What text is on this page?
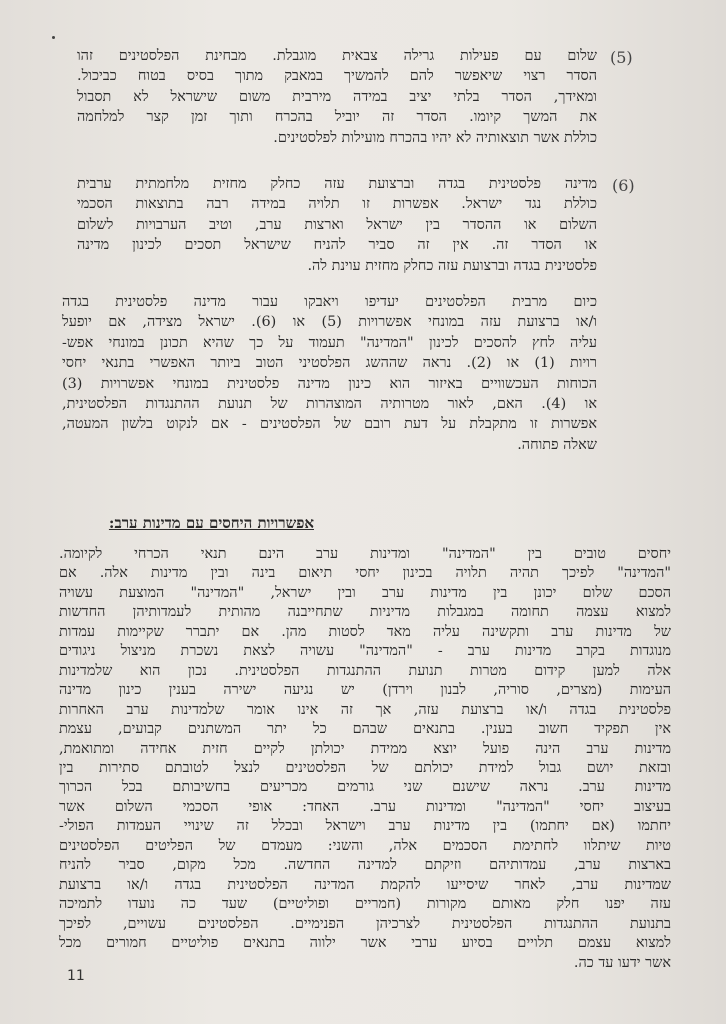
(5)
שלום עם פעילות גרילה צבאית מוגבלת. מבחינת הפלסטינים זהו
הסדר רצוי שיאפשר להם להמשיך במאבק מתוך בסיס בטוח כביכול.
ומאידך, הסדר בלתי יציב במידה מירבית משום שישראל לא תסבול
את המשך קיומו. הסדר זה יוביל בהכרח ותוך זמן קצר למלחמה
כוללת אשר תוצאותיה לא יהיו בהכרח מועילות לפלסטינים.
(6)
מדינה פלסטינית בגדה וברצועת עזה כחלק מחזית מלחמתית ערבית
כוללת נגד ישראל. אפשרות זו תלויה במידה רבה בתוצאות הסכמי
השלום או ההסדר בין ישראל וארצות ערב, וטיב הערבויות לשלום
או הסדר זה. אין זה סביר להניח שישראל תסכים לכינון מדינה
פלסטינית בגדה וברצועת עזה כחלק מחזית עוינת לה.
כיום מרבית הפלסטינים יעדיפו ויאבקו עבור מדינה פלסטינית בגדה
ו/או ברצועת עזה במונחי אפשרויות (5) או (6). ישראל מצידה, אם יופעל
עליה לחץ להסכים לכינון "המדינה" תעמוד על כך שהיא תכונן במונחי אפש-
רויות (1) או (2). נראה שההשג הפלסטיני הטוב ביותר האפשרי בתנאי יחסי
הכוחות העכשוויים באיזור הוא כינון מדינה פלסטינית במונחי אפשרויות (3)
או (4). האם, לאור מטרותיה המוצהרות של תנועת ההתנגדות הפלסטינית,
אפשרות זו מתקבלת על דעת רובם של הפלסטינים - אם לנקוט בלשון המעטה,
שאלה פתוחה.
אפשרויות היחסים עם מדינות ערב:
יחסים טובים בין "המדינה" ומדינות ערב הינם תנאי הכרחי לקיומה.
"המדינה" לפיכך תהיה תלויה בכינון יחסי תיאום בינה ובין מדינות אלה. אם
הסכם שלום יכונן בין מדינות ערב ובין ישראל, "המדינה" המוצעת עשויה
למצוא עצמה תחומה במגבלות מדיניות שתחייבנה מהותית לעמדותיהן החדשות
של מדינות ערב ותקשינה עליה מאד לסטות מהן. אם יתברר שקיימות עמדות
מנוגדות בקרב מדינות ערב - "המדינה" עשויה לצאת נשכרת מניצול ניגודים
אלה למען קידום מטרות תנועת ההתנגדות הפלסטינית. נכון הוא שלמדינות
העימות (מצרים, סוריה, לבנון וירדן) יש נגיעה ישירה בענין כינון מדינה
פלסטינית בגדה ו/או ברצועת עזה, אך זה אינו אומר שלמדינות ערב האחרות
אין תפקיד חשוב בענין. בתנאים שבהם כל יתר המשתנים קבועים, עצמת
מדינות ערב הינה פועל יוצא ממידת יכולתן לקיים חזית אחידה ומתואמת,
ובזאת יושם גבול למידת יכולתם של הפלסטינים לנצל לטובתם סתירות בין
מדינות ערב. נראה שישנם שני גורמים מכריעים בחשיבותם בכל הכרוך
בעיצוב יחסי "המדינה" ומדינות ערב. האחד: אופי הסכמי השלום אשר
יחתמו (אם יחתמו) בין מדינות ערב וישראל ובכלל זה שינויי העמדות הפולי-
טיות שיתלוו לחתימת הסכמים אלה, והשני: מעמדם של הפליטים הפלסטינים
בארצות ערב, עמדותיהם וזיקתם למדינה החדשה. מכל מקום, סביר להניח
שמדינות ערב, לאחר שיסייעו להקמת המדינה הפלסטינית בגדה ו/או ברצועת
עזה יפנו חלק מאותם מקורות (חמריים ופוליטיים) שעד כה נועדו לתמיכה
בתנועת ההתנגדות הפלסטינית לצרכיהן הפנימיים. הפלסטינים עשויים, לפיכך
למצוא עצמם תלויים בסיוע ערבי אשר ילווה בתנאים פוליטיים חמורים מכל
אשר ידעו עד כה.
11
